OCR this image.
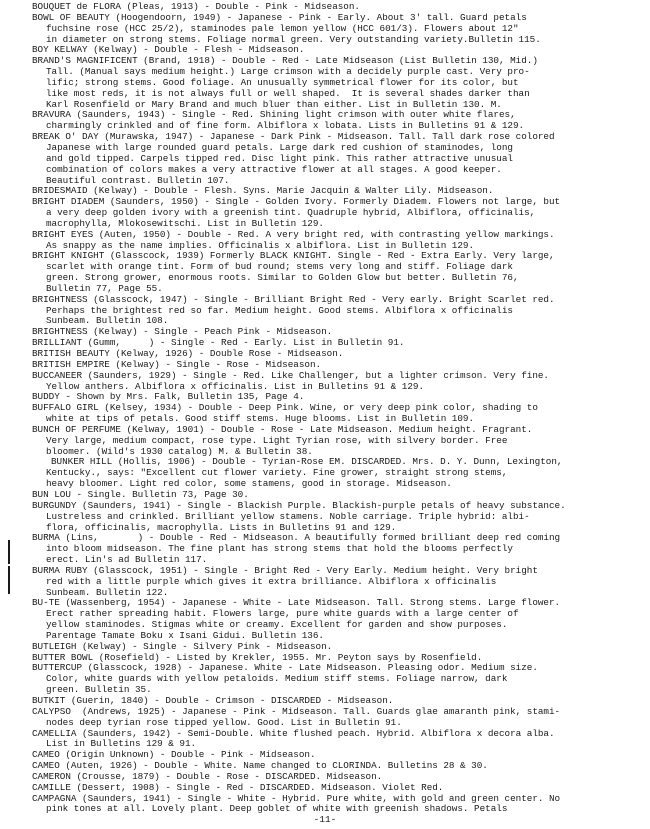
BOUQUET de FLORA (Pleas, 1913) - Double - Pink - Midseason.
BOWL OF BEAUTY (Hoogendoorn, 1949) - Japanese - Pink - Early. About 3' tall. Guard petals
fuchsine rose (HCC 25/2), staminodes pale lemon yellow (HCC 601/3). Flowers about 12"
in diameter on strong stems. Foliage normal green. Very outstanding variety.Bulletin 115.
BOY KELWAY (Kelway) - Double - Flesh - Midseason.
BRAND'S MAGNIFICENT (Brand, 1918) - Double - Red - Late Midseason (List Bulletin 130, Mid.)
Tall. (Manual says medium height.) Large crimson with a decidely purple cast. Very pro-
lific; strong stems. Good foliage. An unusually symmetrical flower for its color, but
like most reds, it is not always full or well shaped.  It is several shades darker than
Karl Rosenfield or Mary Brand and much bluer than either. List in Bulletin 130. M.
BRAVURA (Saunders, 1943) - Single - Red. Shining light crimson with outer white flares,
charmingly crinkled and of fine form. Albiflora x lobata. Lists in Bulletins 91 & 129.
BREAK O' DAY (Murawska, 1947) - Japanese - Dark Pink - Midseason. Tall. Tall dark rose colored
Japanese with large rounded guard petals. Large dark red cushion of staminodes, long
and gold tipped. Carpels tipped red. Disc light pink. This rather attractive unusual
combination of colors makes a very attractive flower at all stages. A good keeper.
Beautiful contrast. Bulletin 107.
BRIDESMAID (Kelway) - Double - Flesh. Syns. Marie Jacquin & Walter Lily. Midseason.
BRIGHT DIADEM (Saunders, 1950) - Single - Golden Ivory. Formerly Diadem. Flowers not large, but
a very deep golden ivory with a greenish tint. Quadruple hybrid, Albiflora, officinalis,
macrophylla, Mlokosewitschi. List in Bulletin 129.
BRIGHT EYES (Auten, 1950) - Double - Red. A very bright red, with contrasting yellow markings.
As snappy as the name implies. Officinalis x albiflora. List in Bulletin 129.
BRIGHT KNIGHT (Glasscock, 1939) Formerly BLACK KNIGHT. Single - Red - Extra Early. Very large,
scarlet with orange tint. Form of bud round; stems very long and stiff. Foliage dark
green. Strong grower, enormous roots. Similar to Golden Glow but better. Bulletin 76,
Bulletin 77, Page 55.
BRIGHTNESS (Glasscock, 1947) - Single - Brilliant Bright Red - Very early. Bright Scarlet red.
Perhaps the brightest red so far. Medium height. Good stems. Albiflora x officinalis
Sunbeam. Bulletin 108.
BRIGHTNESS (Kelway) - Single - Peach Pink - Midseason.
BRILLIANT (Gumm,     ) - Single - Red - Early. List in Bulletin 91.
BRITISH BEAUTY (Kelway, 1926) - Double Rose - Midseason.
BRITISH EMPIRE (Kelway) - Single - Rose - Midseason.
BUCCANEER (Saunders, 1929) - Single - Red. Like Challenger, but a lighter crimson. Very fine.
Yellow anthers. Albiflora x officinalis. List in Bulletins 91 & 129.
BUDDY - Shown by Mrs. Falk, Bulletin 135, Page 4.
BUFFALO GIRL (Kelsey, 1934) - Double - Deep Pink. Wine, or very deep pink color, shading to
white at tips of petals. Good stiff stems. Huge blooms. List in Bulletin 109.
BUNCH OF PERFUME (Kelway, 1901) - Double - Rose - Late Midseason. Medium height. Fragrant.
Very large, medium compact, rose type. Light Tyrian rose, with silvery border. Free
bloomer. (Wild's 1930 catalog) M. & Bulletin 38.
BUNKER HILL (Hollis, 1906) - Double - Tyrian-Rose EM. DISCARDED. Mrs. D. Y. Dunn, Lexington,
Kentucky., says: "Excellent cut flower variety. Fine grower, straight strong stems,
heavy bloomer. Light red color, some stamens, good in storage. Midseason.
BUN LOU - Single. Bulletin 73, Page 30.
BURGUNDY (Saunders, 1941) - Single - Blackish Purple. Blackish-purple petals of heavy substance.
Lustreless and crinkled. Brilliant yellow stamens. Noble carriage. Triple hybrid: albi-
flora, officinalis, macrophylla. Lists in Bulletins 91 and 129.
BURMA (Lins,       ) - Double - Red - Midseason. A beautifully formed brilliant deep red coming
into bloom midseason. The fine plant has strong stems that hold the blooms perfectly
erect. Lin's ad Bulletin 117.
BURMA RUBY (Glasscock, 1951) - Single - Bright Red - Very Early. Medium height. Very bright
red with a little purple which gives it extra brilliance. Albiflora x officinalis
Sunbeam. Bulletin 122.
BU-TE (Wassenberg, 1954) - Japanese - White - Late Midseason. Tall. Strong stems. Large flower.
Erect rather spreading habit. Flowers large, pure white guards with a large center of
yellow staminodes. Stigmas white or creamy. Excellent for garden and show purposes.
Parentage Tamate Boku x Isani Gidui. Bulletin 136.
BUTLEIGH (Kelway) - Single - Silvery Pink - Midseason.
BUTTER BOWL (Rosefield) - Listed by Krekler, 1955. Mr. Peyton says by Rosenfield.
BUTTERCUP (Glasscock, 1928) - Japanese. White - Late Midseason. Pleasing odor. Medium size.
Color, white guards with yellow petaloids. Medium stiff stems. Foliage narrow, dark
green. Bulletin 35.
BUTKIT (Guerin, 1840) - Double - Crimson - DISCARDED - Midseason.
CALYPSO  (Andrews, 1925) - Japanese - Pink - Midseason. Tall. Guards glae amaranth pink, stami-
nodes deep tyrian rose tipped yellow. Good. List in Bulletin 91.
CAMELLIA (Saunders, 1942) - Semi-Double. White flushed peach. Hybrid. Albiflora x decora alba.
List in Bulletins 129 & 91.
CAMEO (Origin Unknown) - Double - Pink - Midseason.
CAMEO (Auten, 1926) - Double - White. Name changed to CLORINDA. Bulletins 28 & 30.
CAMERON (Crousse, 1879) - Double - Rose - DISCARDED. Midseason.
CAMILLE (Dessert, 1908) - Single - Red - DISCARDED. Midseason. Violet Red.
CAMPAGNA (Saunders, 1941) - Single - White - Hybrid. Pure white, with gold and green center. No
pink tones at all. Lovely plant. Deep goblet of white with greenish shadows. Petals
-11-
